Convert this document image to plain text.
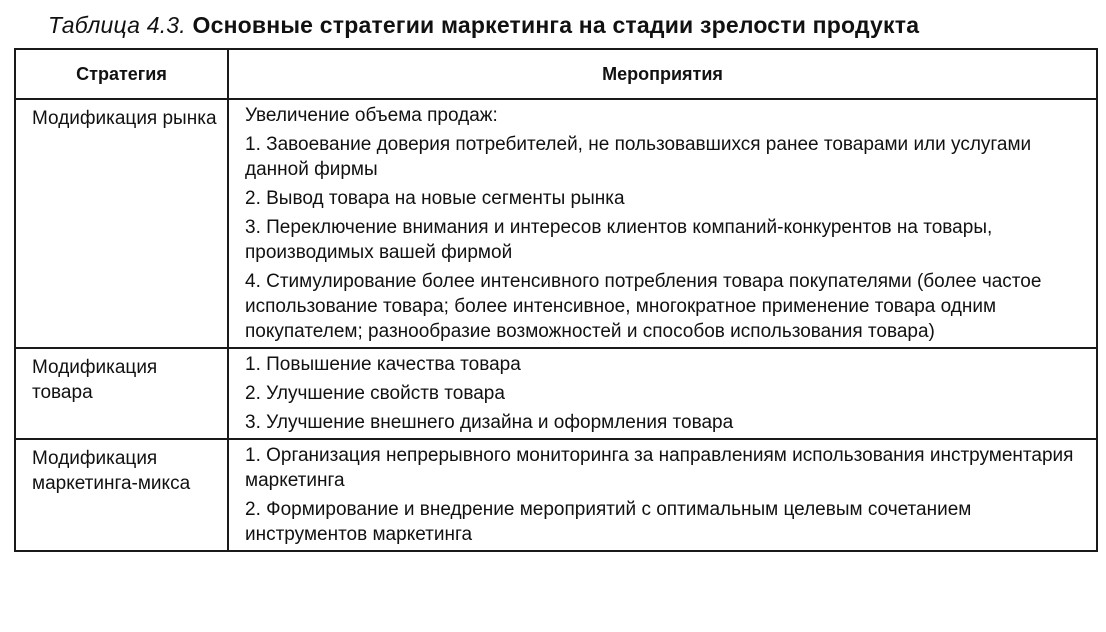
Таблица 4.3. Основные стратегии маркетинга на стадии зрелости продукта
Стратегия	Мероприятия
Модификация рынка	Увеличение объема продаж:
1. Завоевание доверия потребителей, не пользовавшихся ранее товарами или услугами данной фирмы
2. Вывод товара на новые сегменты рынка
3. Переключение внимания и интересов клиентов компаний-конкурентов на товары, производимых вашей фирмой
4. Стимулирование более интенсивного потребления товара покупателями (более частое использование товара; более интенсивное, многократное применение товара одним покупателем; разнообразие возможностей и способов использования товара)

Модификация товара	1. Повышение качества товара
2. Улучшение свойств товара
3. Улучшение внешнего дизайна и оформления товара

Модификация маркетинга-микса	1. Организация непрерывного мониторинга за направлениям использования инструментария маркетинга
2. Формирование и внедрение мероприятий с оптимальным целевым сочетанием инструментов маркетинга
